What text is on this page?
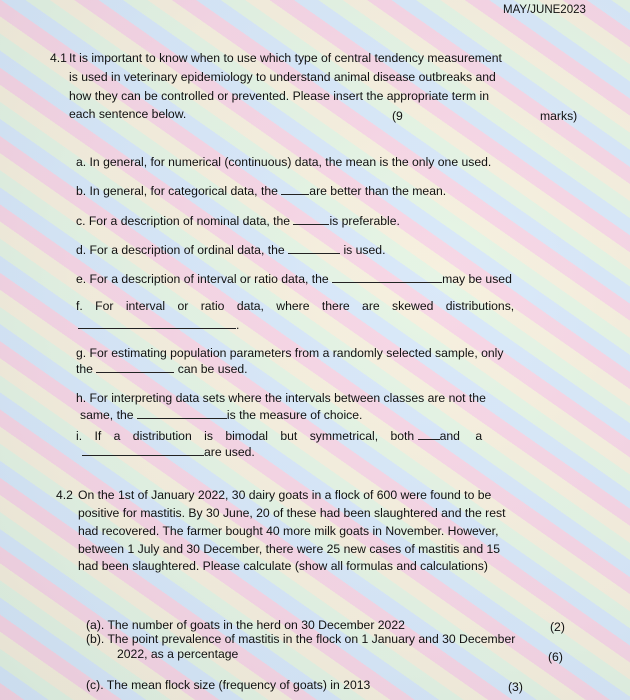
MAY/JUNE2023
4.1 It is important to know when to use which type of central tendency measurement
is used in veterinary epidemiology to understand animal disease outbreaks and
how they can be controlled or prevented. Please insert the appropriate term in
each sentence below.	(9	marks)
a. In general, for numerical (continuous) data, the mean is the only one used.
b. In general, for categorical data, the	are better than the mean.
c. For a description of nominal data, the	is preferable.
d. For a description of ordinal data, the	is used.
e. For a description of interval or ratio data, the	may be used
f. For interval or ratio data, where there are skewed distributions,
.
g. For estimating population parameters from a randomly selected sample, only
the	can be used.
h. For interpreting data sets where the intervals between classes are not the
same, the	is the measure of choice.
i. If a distribution is bimodal but symmetrical, both and a
are used.
4.2 On the 1st of January 2022, 30 dairy goats in a flock of 600 were found to be
positive for mastitis. By 30 June, 20 of these had been slaughtered and the rest
had recovered. The farmer bought 40 more milk goats in November. However,
between 1 July and 30 December, there were 25 new cases of mastitis and 15
had been slaughtered. Please calculate (show all formulas and calculations)
(a). The number of goats in the herd on 30 December 2022	(2)
(b). The point prevalence of mastitis in the flock on 1 January and 30 December
2022, as a percentage	(6)
(c). The mean flock size (frequency of goats) in 2013	(3)
